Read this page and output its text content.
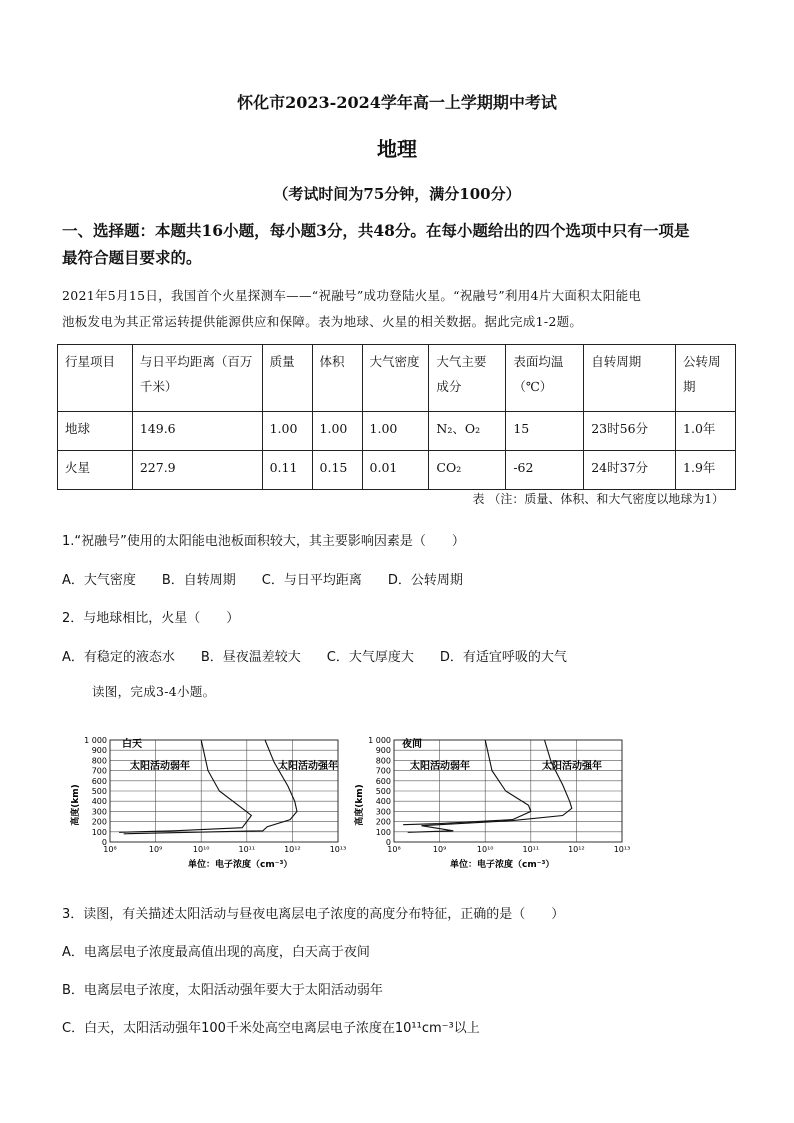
怀化市2023-2024学年高一上学期期中考试
地理
（考试时间为75分钟，满分100分）
一、选择题：本题共16小题，每小题3分，共48分。在每小题给出的四个选项中只有一项是
最符合题目要求的。
2021年5月15日，我国首个火星探测车——“祝融号”成功登陆火星。“祝融号”利用4片大面积太阳能电
池板发电为其正常运转提供能源供应和保障。表为地球、火星的相关数据。据此完成1-2题。
行星项目	与日平均距离（百万千米）	质量	体积	大气密度	大气主要成分	表面均温（℃）	自转周期	公转周期
地球	149.6	1.00	1.00	1.00	N₂、O₂	15	23时56分	1.0年
火星	227.9	0.11	0.15	0.01	CO₂	-62	24时37分	1.9年
表 （注：质量、体积、和大气密度以地球为1）
1.“祝融号”使用的太阳能电池板面积较大，其主要影响因素是（　　）
A．大气密度　　B．自转周期　　C．与日平均距离　　D．公转周期
2．与地球相比，火星（　　）
A．有稳定的液态水　　B．昼夜温差较大　　C．大气厚度大　　D．有适宜呼吸的大气
读图，完成3-4小题。
1 000
900
800
700
600
500
400
300
200
100
0
10⁸	10⁹	10¹⁰	10¹¹	10¹²	10¹³
高度(km)
白天
太阳活动弱年	太阳活动强年
单位：电子浓度（cm⁻³）
1 000
900
800
700
600
500
400
300
200
100
0
10⁸	10⁹	10¹⁰	10¹¹	10¹²	10¹³
高度(km)
夜间
太阳活动弱年	太阳活动强年
单位：电子浓度（cm⁻³）
3．读图，有关描述太阳活动与昼夜电离层电子浓度的高度分布特征，正确的是（　　）
A．电离层电子浓度最高值出现的高度，白天高于夜间
B．电离层电子浓度，太阳活动强年要大于太阳活动弱年
C．白天，太阳活动强年100千米处高空电离层电子浓度在10¹¹cm⁻³以上
